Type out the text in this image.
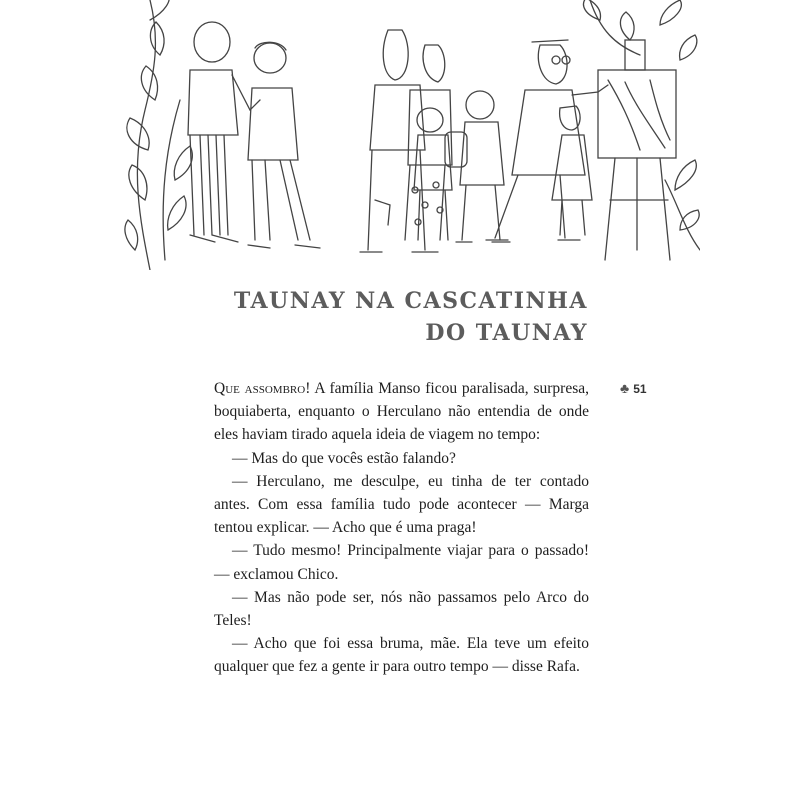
TAUNAY NA CASCATINHA
DO TAUNAY
♣ 51

Que assombro! A família Manso ficou paralisada, surpresa, boquiaberta, enquanto o Herculano não entendia de onde eles haviam tirado aquela ideia de viagem no tempo:

— Mas do que vocês estão falando?

— Herculano, me desculpe, eu tinha de ter contado antes. Com essa família tudo pode acontecer — Marga tentou explicar. — Acho que é uma praga!

— Tudo mesmo! Principalmente viajar para o passado! — exclamou Chico.

— Mas não pode ser, nós não passamos pelo Arco do Teles!

— Acho que foi essa bruma, mãe. Ela teve um efeito qualquer que fez a gente ir para outro tempo — disse Rafa.
